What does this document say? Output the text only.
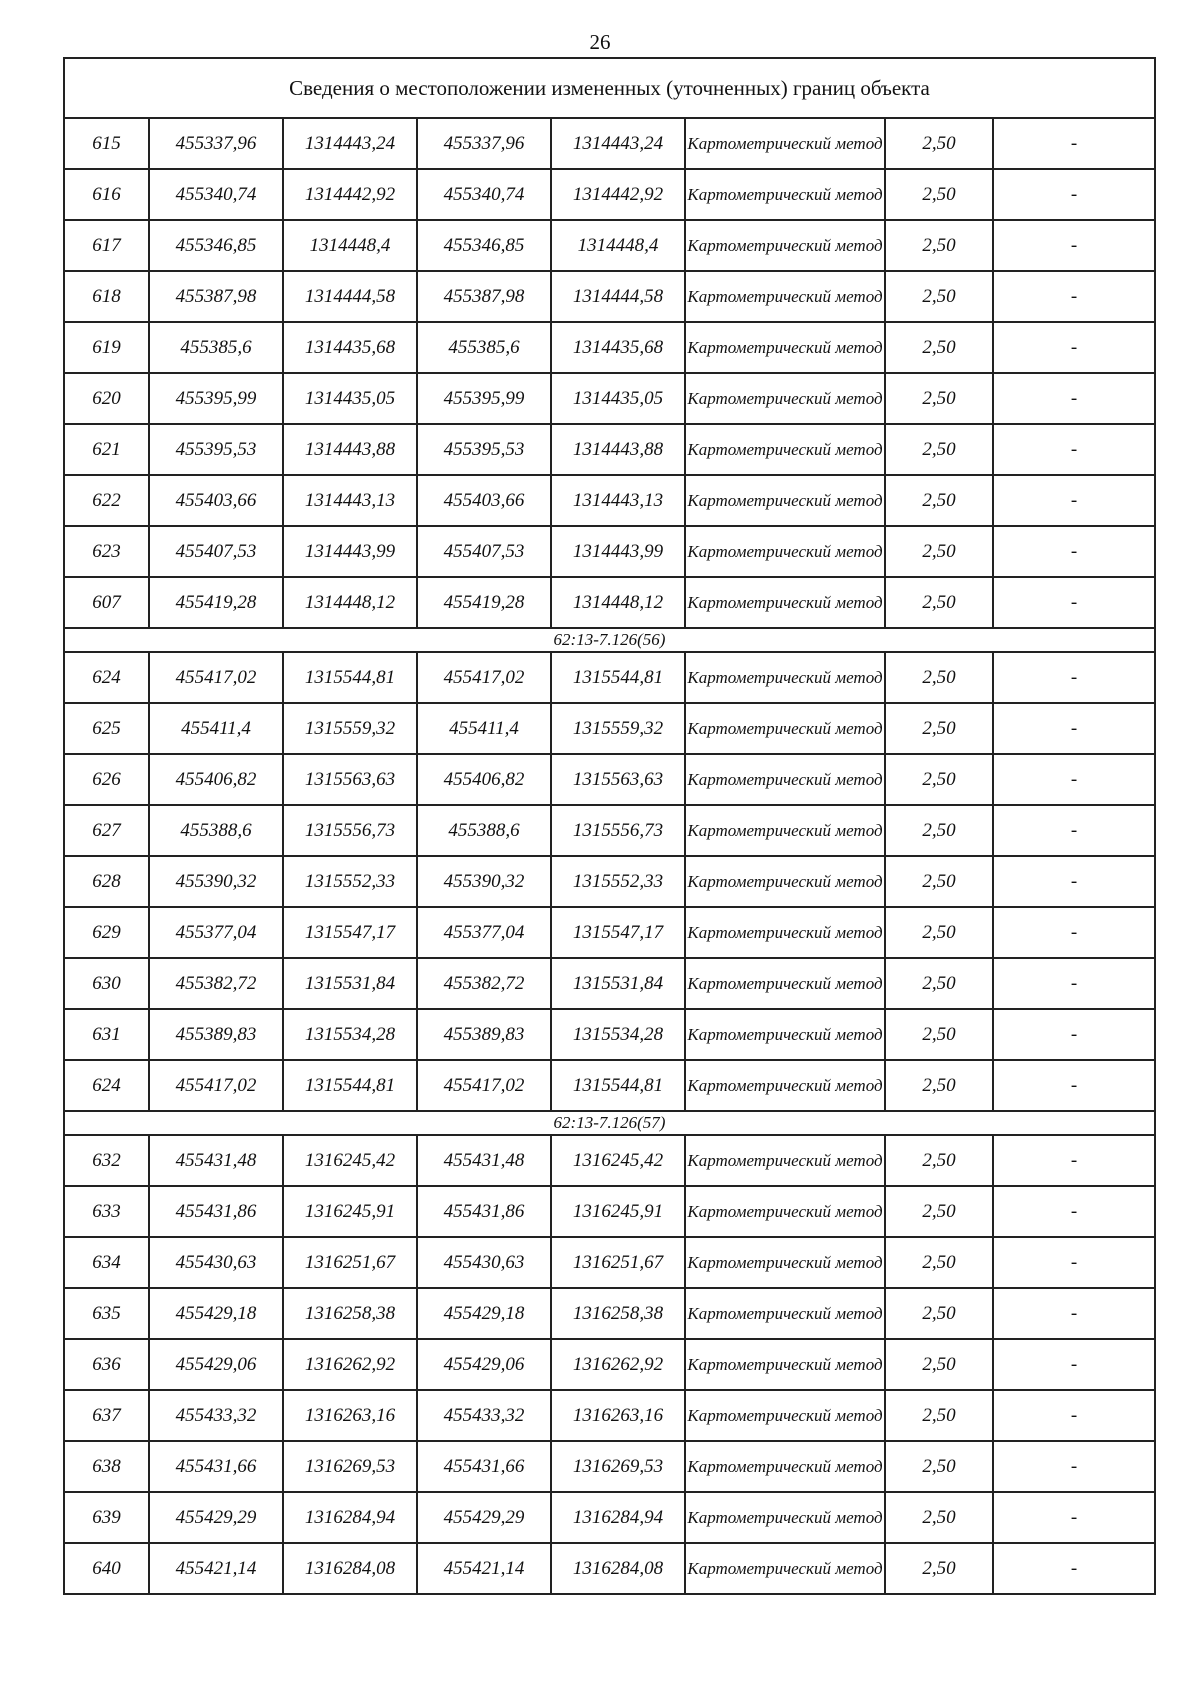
26
Сведения о местоположении измененных (уточненных) границ объекта							
615	455337,96	1314443,24	455337,96	1314443,24	Картометрический метод	2,50	-
616	455340,74	1314442,92	455340,74	1314442,92	Картометрический метод	2,50	-
617	455346,85	1314448,4	455346,85	1314448,4	Картометрический метод	2,50	-
618	455387,98	1314444,58	455387,98	1314444,58	Картометрический метод	2,50	-
619	455385,6	1314435,68	455385,6	1314435,68	Картометрический метод	2,50	-
620	455395,99	1314435,05	455395,99	1314435,05	Картометрический метод	2,50	-
621	455395,53	1314443,88	455395,53	1314443,88	Картометрический метод	2,50	-
622	455403,66	1314443,13	455403,66	1314443,13	Картометрический метод	2,50	-
623	455407,53	1314443,99	455407,53	1314443,99	Картометрический метод	2,50	-
607	455419,28	1314448,12	455419,28	1314448,12	Картометрический метод	2,50	-
62:13-7.126(56)							
624	455417,02	1315544,81	455417,02	1315544,81	Картометрический метод	2,50	-
625	455411,4	1315559,32	455411,4	1315559,32	Картометрический метод	2,50	-
626	455406,82	1315563,63	455406,82	1315563,63	Картометрический метод	2,50	-
627	455388,6	1315556,73	455388,6	1315556,73	Картометрический метод	2,50	-
628	455390,32	1315552,33	455390,32	1315552,33	Картометрический метод	2,50	-
629	455377,04	1315547,17	455377,04	1315547,17	Картометрический метод	2,50	-
630	455382,72	1315531,84	455382,72	1315531,84	Картометрический метод	2,50	-
631	455389,83	1315534,28	455389,83	1315534,28	Картометрический метод	2,50	-
624	455417,02	1315544,81	455417,02	1315544,81	Картометрический метод	2,50	-
62:13-7.126(57)							
632	455431,48	1316245,42	455431,48	1316245,42	Картометрический метод	2,50	-
633	455431,86	1316245,91	455431,86	1316245,91	Картометрический метод	2,50	-
634	455430,63	1316251,67	455430,63	1316251,67	Картометрический метод	2,50	-
635	455429,18	1316258,38	455429,18	1316258,38	Картометрический метод	2,50	-
636	455429,06	1316262,92	455429,06	1316262,92	Картометрический метод	2,50	-
637	455433,32	1316263,16	455433,32	1316263,16	Картометрический метод	2,50	-
638	455431,66	1316269,53	455431,66	1316269,53	Картометрический метод	2,50	-
639	455429,29	1316284,94	455429,29	1316284,94	Картометрический метод	2,50	-
640	455421,14	1316284,08	455421,14	1316284,08	Картометрический метод	2,50	-
